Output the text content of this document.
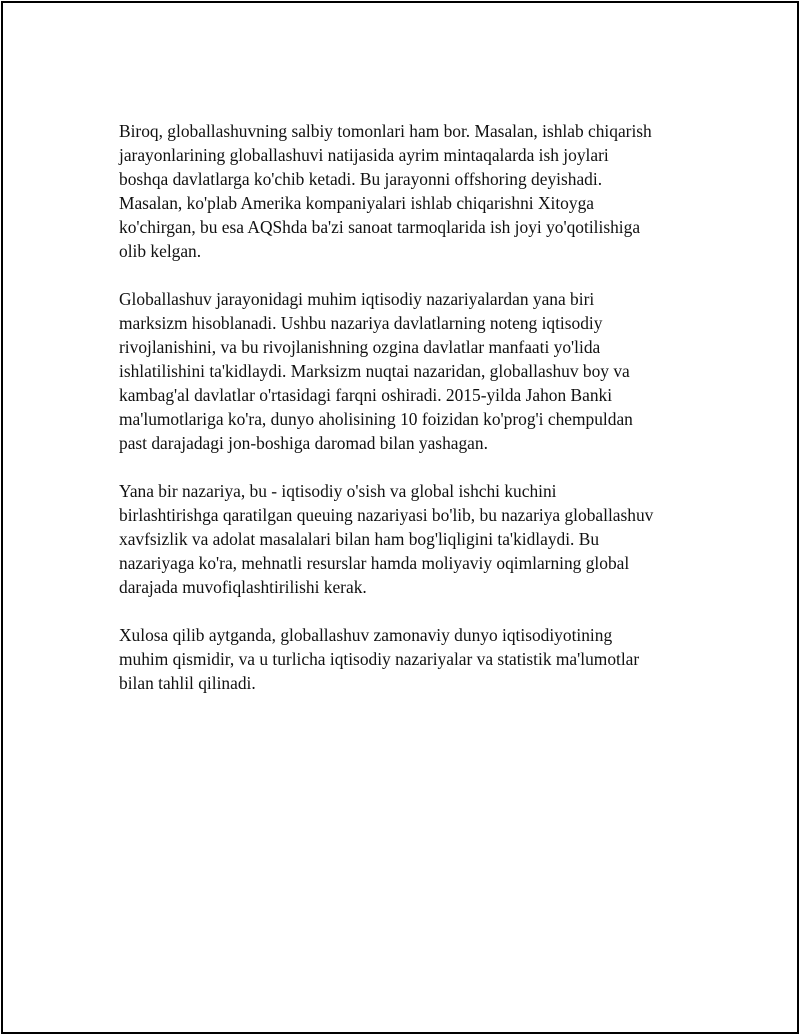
Biroq, globallashuvning salbiy tomonlari ham bor. Masalan, ishlab chiqarish
jarayonlarining globallashuvi natijasida ayrim mintaqalarda ish joylari
boshqa davlatlarga ko'chib ketadi. Bu jarayonni offshoring deyishadi.
Masalan, ko'plab Amerika kompaniyalari ishlab chiqarishni Xitoyga
ko'chirgan, bu esa AQShda ba'zi sanoat tarmoqlarida ish joyi yo'qotilishiga
olib kelgan.

Globallashuv jarayonidagi muhim iqtisodiy nazariyalardan yana biri
marksizm hisoblanadi. Ushbu nazariya davlatlarning noteng iqtisodiy
rivojlanishini, va bu rivojlanishning ozgina davlatlar manfaati yo'lida
ishlatilishini ta'kidlaydi. Marksizm nuqtai nazaridan, globallashuv boy va
kambag'al davlatlar o'rtasidagi farqni oshiradi. 2015-yilda Jahon Banki
ma'lumotlariga ko'ra, dunyo aholisining 10 foizidan ko'prog'i chempuldan
past darajadagi jon-boshiga daromad bilan yashagan.

Yana bir nazariya, bu - iqtisodiy o'sish va global ishchi kuchini
birlashtirishga qaratilgan queuing nazariyasi bo'lib, bu nazariya globallashuv
xavfsizlik va adolat masalalari bilan ham bog'liqligini ta'kidlaydi. Bu
nazariyaga ko'ra, mehnatli resurslar hamda moliyaviy oqimlarning global
darajada muvofiqlashtirilishi kerak.

Xulosa qilib aytganda, globallashuv zamonaviy dunyo iqtisodiyotining
muhim qismidir, va u turlicha iqtisodiy nazariyalar va statistik ma'lumotlar
bilan tahlil qilinadi.
